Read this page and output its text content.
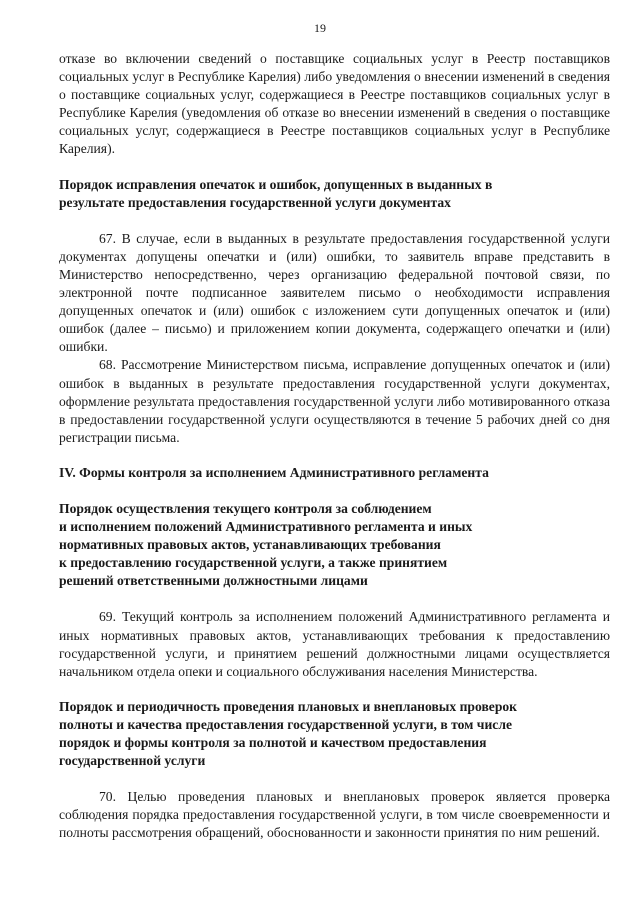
19

отказе во включении сведений о поставщике социальных услуг в Реестр поставщиков социальных услуг в Республике Карелия) либо уведомления о внесении изменений в сведения о поставщике социальных услуг, содержащиеся в Реестре поставщиков социальных услуг в Республике Карелия (уведомления об отказе во внесении изменений в сведения о поставщике социальных услуг, содержащиеся в Реестре поставщиков социальных услуг в Республике Карелия).

Порядок исправления опечаток и ошибок, допущенных в выданных в

результате предоставления государственной услуги документах

67. В случае, если в выданных в результате предоставления государственной услуги документах допущены опечатки и (или) ошибки, то заявитель вправе представить в Министерство непосредственно, через организацию федеральной почтовой связи, по электронной почте подписанное заявителем письмо о необходимости исправления допущенных опечаток и (или) ошибок с изложением сути допущенных опечаток и (или) ошибок (далее – письмо) и приложением копии документа, содержащего опечатки и (или) ошибки.

68. Рассмотрение Министерством письма, исправление допущенных опечаток и (или) ошибок в выданных в результате предоставления государственной услуги документах, оформление результата предоставления государственной услуги либо мотивированного отказа в предоставлении государственной услуги осуществляются в течение 5 рабочих дней со дня регистрации письма.

IV. Формы контроля за исполнением Административного регламента

Порядок осуществления текущего контроля за соблюдением

и исполнением положений Административного регламента и иных

нормативных правовых актов, устанавливающих требования

к предоставлению государственной услуги, а также принятием

решений ответственными должностными лицами

69. Текущий контроль за исполнением положений Административного регламента и иных нормативных правовых актов, устанавливающих требования к предоставлению государственной услуги, и принятием решений должностными лицами осуществляется начальником отдела опеки и социального обслуживания населения Министерства.

Порядок и периодичность проведения плановых и внеплановых проверок

полноты и качества предоставления государственной услуги, в том числе

порядок и формы контроля за полнотой и качеством предоставления

государственной услуги

70. Целью проведения плановых и внеплановых проверок является проверка соблюдения порядка предоставления государственной услуги, в том числе своевременности и полноты рассмотрения обращений, обоснованности и законности принятия по ним решений.
